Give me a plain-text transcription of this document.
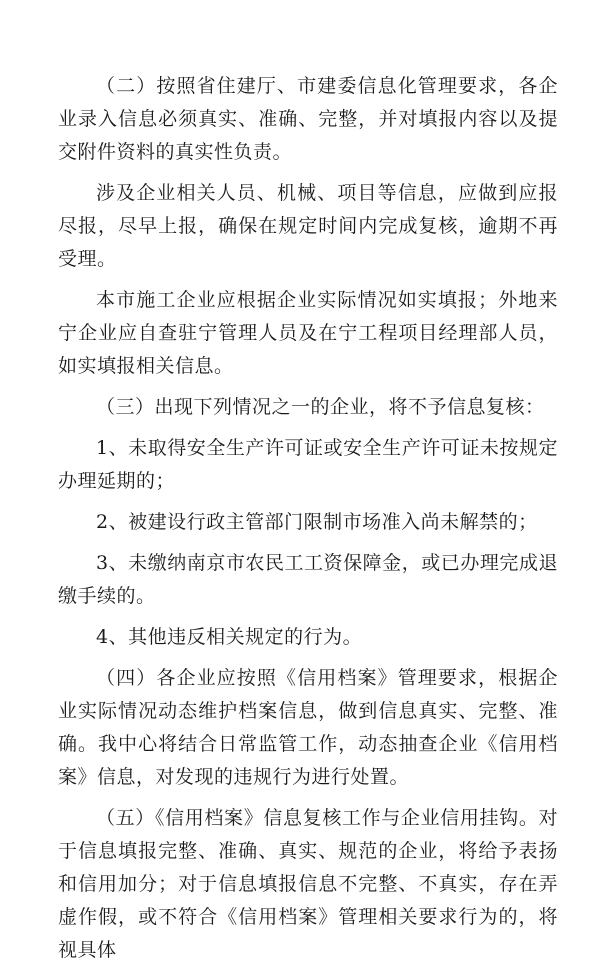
（二）按照省住建厅、市建委信息化管理要求，各企业录入信息必须真实、准确、完整，并对填报内容以及提交附件资料的真实性负责。

涉及企业相关人员、机械、项目等信息，应做到应报尽报，尽早上报，确保在规定时间内完成复核，逾期不再受理。

本市施工企业应根据企业实际情况如实填报；外地来宁企业应自查驻宁管理人员及在宁工程项目经理部人员，如实填报相关信息。

（三）出现下列情况之一的企业，将不予信息复核：

1、未取得安全生产许可证或安全生产许可证未按规定办理延期的；

2、被建设行政主管部门限制市场准入尚未解禁的；

3、未缴纳南京市农民工工资保障金，或已办理完成退缴手续的。

4、其他违反相关规定的行为。

（四）各企业应按照《信用档案》管理要求，根据企业实际情况动态维护档案信息，做到信息真实、完整、准确。我中心将结合日常监管工作，动态抽查企业《信用档案》信息，对发现的违规行为进行处置。

（五）《信用档案》信息复核工作与企业信用挂钩。对于信息填报完整、准确、真实、规范的企业，将给予表扬和信用加分；对于信息填报信息不完整、不真实，存在弄虚作假，或不符合《信用档案》管理相关要求行为的，将视具体
